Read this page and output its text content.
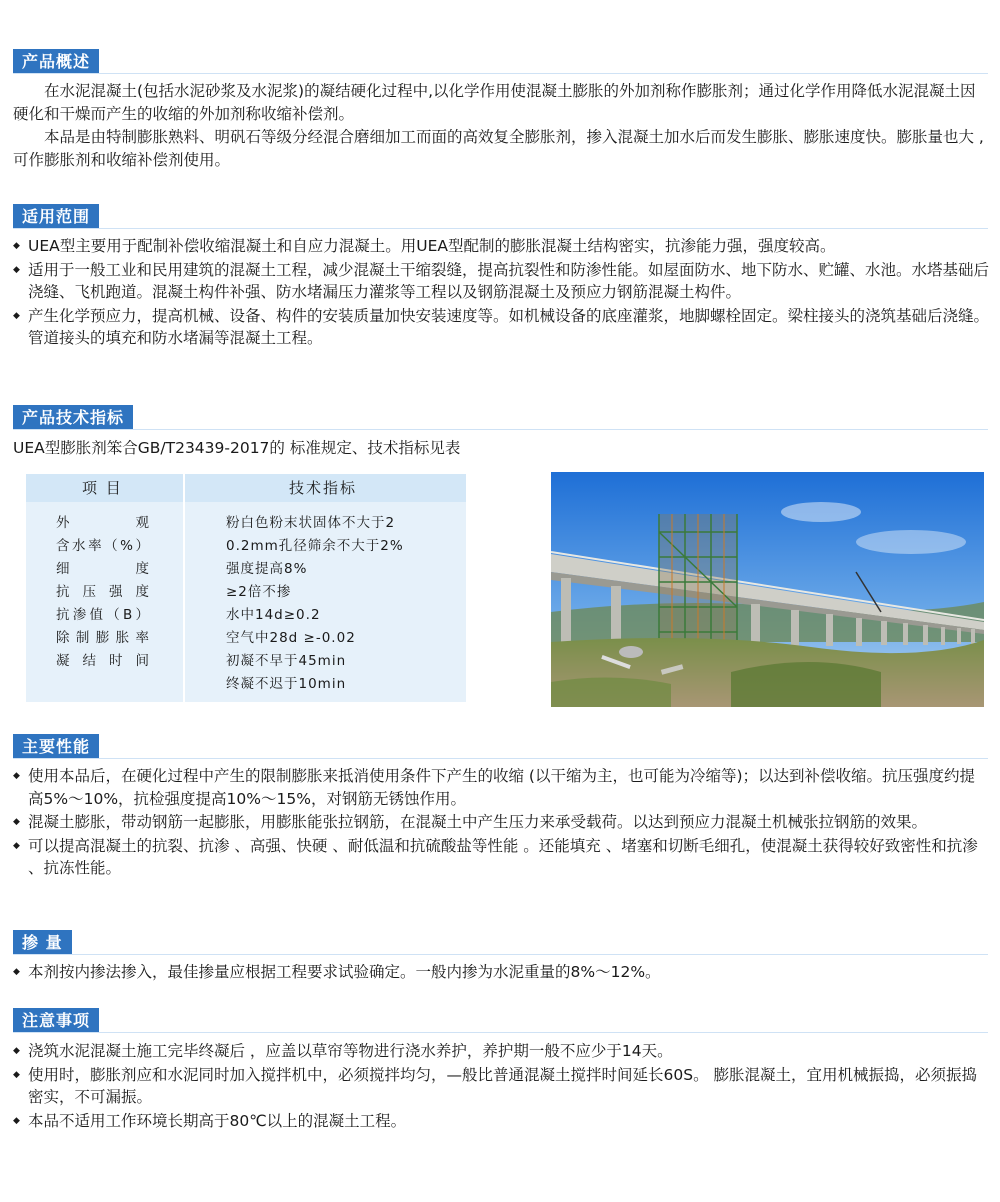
产品概述

在水泥混凝土(包括水泥砂浆及水泥浆)的凝结硬化过程中,以化学作用使混凝土膨胀的外加剂称作膨胀剂；通过化学作用降低水泥混凝土因硬化和干燥而产生的收缩的外加剂称收缩补偿剂。

本品是由特制膨胀熟料、明矾石等级分经混合磨细加工而面的高效复全膨胀剂，掺入混凝土加水后而发生膨胀、膨胀速度快。膨胀量也大 ,可作膨胀剂和收缩补偿剂使用。

适用范围
◆ UEA型主要用于配制补偿收缩混凝土和自应力混凝土。用UEA型配制的膨胀混凝土结构密实，抗渗能力强，强度较高。
◆ 适用于一般工业和民用建筑的混凝土工程，减少混凝土干缩裂缝，提高抗裂性和防渗性能。如屋面防水、地下防水、贮罐、水池。水塔基础后浇缝、飞机跑道。混凝土构件补强、防水堵漏压力灌浆等工程以及钢筋混凝土及预应力钢筋混凝土构件。
◆ 产生化学预应力，提高机械、设备、构件的安装质量加快安装速度等。如机械设备的底座灌浆，地脚螺栓固定。梁柱接头的浇筑基础后浇缝。管道接头的填充和防水堵漏等混凝土工程。
产品技术指标
UEA型膨胀剂笨合GB/T23439-2017的 标准规定、技术指标见表
项 目	技术指标
外观
含水率（%）
细度
抗压强度
抗渗值（B）
除制膨胀率
凝结时间
粉白色粉末状固体不大于2
0.2mm孔径筛余不大于2%
强度提高8%
≥2倍不掺
水中14d≥0.2
空气中28d ≥-0.02
初凝不早于45min
终凝不迟于10min
主要性能
◆ 使用本品后，在硬化过程中产生的限制膨胀来抵消使用条件下产生的收缩 (以干缩为主，也可能为冷缩等)；以达到补偿收缩。抗压强度约提高5%～10%，抗检强度提高10%～15%，对钢筋无锈蚀作用。
◆ 混凝土膨胀，带动钢筋一起膨胀，用膨胀能张拉钢筋，在混凝土中产生压力来承受载荷。以达到预应力混凝土机械张拉钢筋的效果。
◆ 可以提高混凝土的抗裂、抗渗 、高强、快硬 、耐低温和抗硫酸盐等性能 。还能填充 、堵塞和切断毛细孔，使混凝土获得较好致密性和抗渗 、抗冻性能。
掺 量
◆ 本剂按内掺法掺入，最佳掺量应根据工程要求试验确定。一般内掺为水泥重量的8%～12%。
注意事项
◆ 浇筑水泥混凝土施工完毕终凝后 ，应盖以草帘等物进行浇水养护，养护期一般不应少于14天。
◆ 使用时，膨胀剂应和水泥同时加入搅拌机中，必须搅拌均匀，—般比普通混凝土搅拌时间延长60S。 膨胀混凝土，宜用机械振捣，必须振捣密实，不可漏振。
◆ 本品不适用工作环境长期高于80℃以上的混凝土工程。
